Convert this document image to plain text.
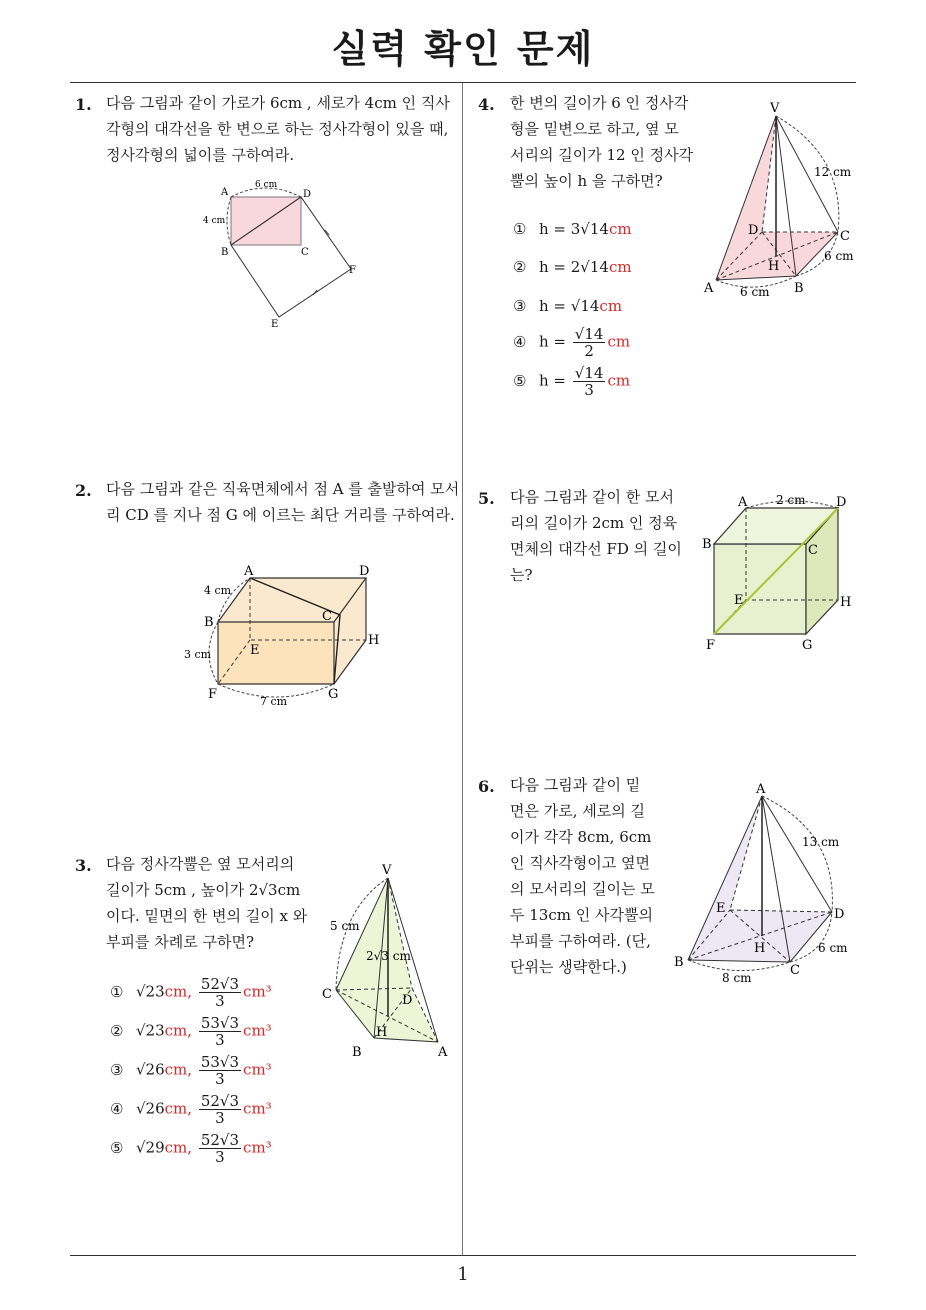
실력 확인 문제
1
1. 다음 그림과 같이 가로가 6cm , 세로가 4cm 인 직사
각형의 대각선을 한 변으로 하는 정사각형이 있을 때,
정사각형의 넓이를 구하여라.
A	D
B	C
F
E
6 cm
4 cm
2. 다음 그림과 같은 직육면체에서 점 A 를 출발하여 모서
리 CD 를 지나 점 G 에 이르는 최단 거리를 구하여라.
A	D
B	C
H
E
F	G
4 cm
3 cm
7 cm
3. 다음 정사각뿔은 옆 모서리의
길이가 5cm , 높이가 2√3cm
이다. 밑면의 한 변의 길이 x 와
부피를 차례로 구하면?
V
C	D
H
B	A
5 cm
2√3 cm
① √23cm, $\frac{52√3}{3} cm^3$
② √23cm, $\frac{53√3}{3} cm^3$
③ √26cm, $\frac{53√3}{3} cm^3$
④ √26cm, $\frac{52√3}{3} cm^3$
⑤ √29cm, $\frac{52√3}{3} cm^3$
4. 한 변의 길이가 6 인 정사각
형을 밑변으로 하고, 옆 모
서리의 길이가 12 인 정사각
뿔의 높이 h 을 구하면?
V
D	C
H
A	B
12 cm
6 cm
6 cm
① h = 3√14cm
② h = 2√14cm
③ h = √14cm
④ $h = \frac{√14}{2}$ cm
⑤ $h = \frac{√14}{3}$ cm
5. 다음 그림과 같이 한 모서
리의 길이가 2cm 인 정육
면체의 대각선 FD 의 길이
는?
A	D
B	C
E	H
F	G
2 cm
6. 다음 그림과 같이 밑
면은 가로, 세로의 길
이가 각각 8cm, 6cm
인 직사각형이고 옆면
의 모서리의 길이는 모
두 13cm 인 사각뿔의
부피를 구하여라. (단,
단위는 생략한다.)
A
E	D
H
B
C
13 cm
6 cm
8 cm
